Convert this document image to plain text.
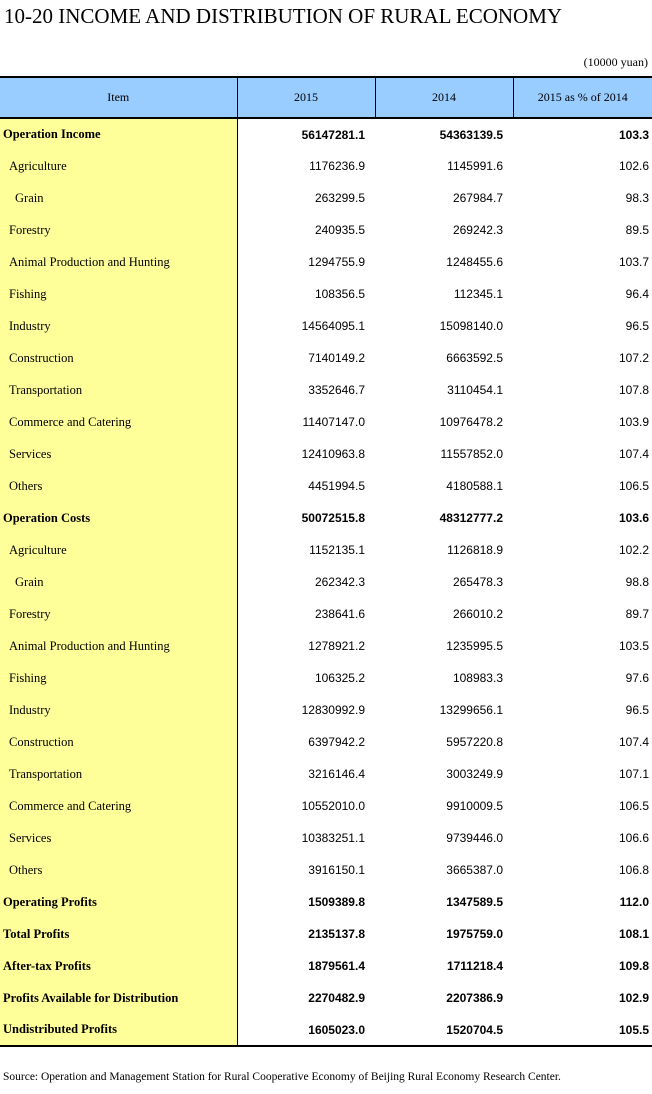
10-20 INCOME AND DISTRIBUTION OF RURAL ECONOMY
(10000 yuan)
Item	2015	2014	2015 as % of 2014
Operation Income	56147281.1	54363139.5	103.3
Agriculture	1176236.9	1145991.6	102.6
Grain	263299.5	267984.7	98.3
Forestry	240935.5	269242.3	89.5
Animal Production and Hunting	1294755.9	1248455.6	103.7
Fishing	108356.5	112345.1	96.4
Industry	14564095.1	15098140.0	96.5
Construction	7140149.2	6663592.5	107.2
Transportation	3352646.7	3110454.1	107.8
Commerce and Catering	11407147.0	10976478.2	103.9
Services	12410963.8	11557852.0	107.4
Others	4451994.5	4180588.1	106.5
Operation Costs	50072515.8	48312777.2	103.6
Agriculture	1152135.1	1126818.9	102.2
Grain	262342.3	265478.3	98.8
Forestry	238641.6	266010.2	89.7
Animal Production and Hunting	1278921.2	1235995.5	103.5
Fishing	106325.2	108983.3	97.6
Industry	12830992.9	13299656.1	96.5
Construction	6397942.2	5957220.8	107.4
Transportation	3216146.4	3003249.9	107.1
Commerce and Catering	10552010.0	9910009.5	106.5
Services	10383251.1	9739446.0	106.6
Others	3916150.1	3665387.0	106.8
Operating Profits	1509389.8	1347589.5	112.0
Total Profits	2135137.8	1975759.0	108.1
After-tax Profits	1879561.4	1711218.4	109.8
Profits Available for Distribution	2270482.9	2207386.9	102.9
Undistributed Profits	1605023.0	1520704.5	105.5
Source: Operation and Management Station for Rural Cooperative Economy of Beijing Rural Economy Research Center.
